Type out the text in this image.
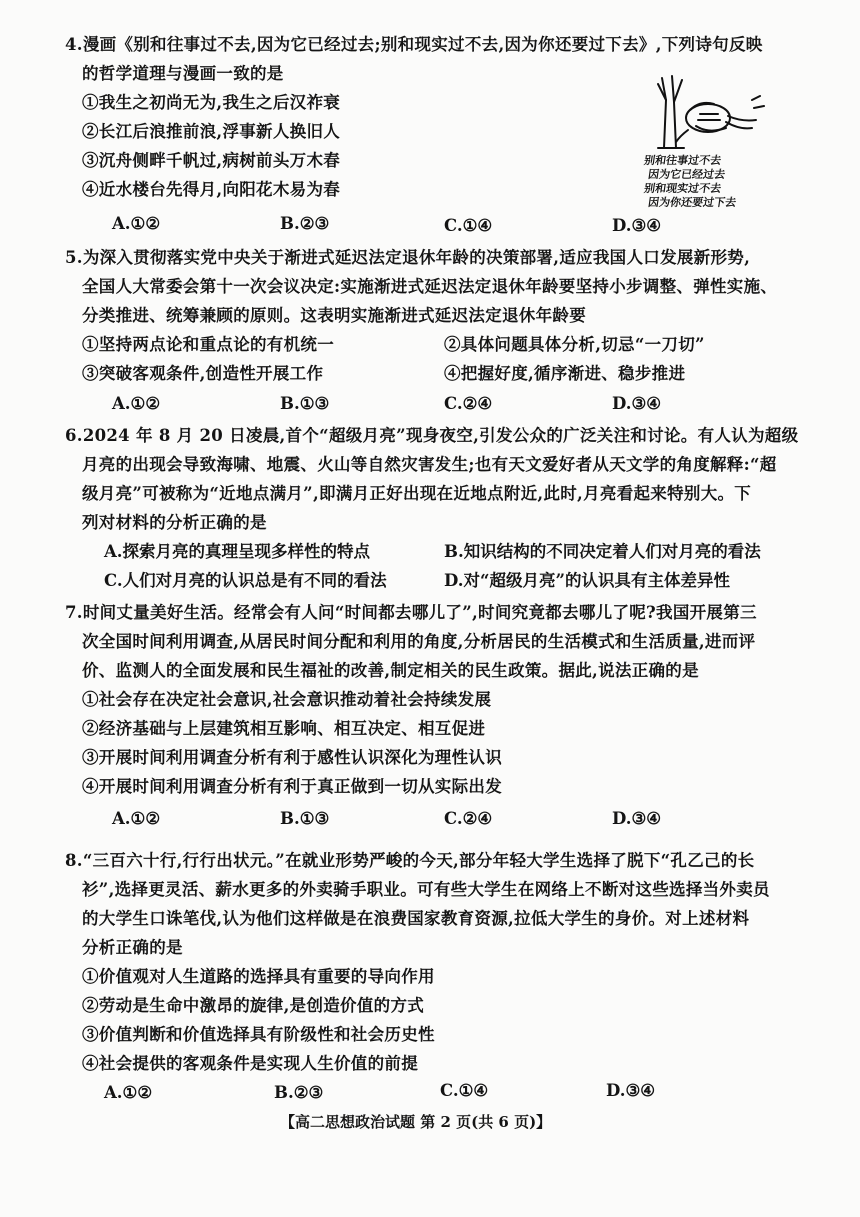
4.漫画《别和往事过不去,因为它已经过去;别和现实过不去,因为你还要过下去》,下列诗句反映
的哲学道理与漫画一致的是
①我生之初尚无为,我生之后汉祚衰
②长江后浪推前浪,浮事新人换旧人
③沉舟侧畔千帆过,病树前头万木春
④近水楼台先得月,向阳花木易为春
A.①②	B.②③	C.①④	D.③④
别和往事过不去
因为它已经过去
别和现实过不去
因为你还要过下去
5.为深入贯彻落实党中央关于渐进式延迟法定退休年龄的决策部署,适应我国人口发展新形势,
全国人大常委会第十一次会议决定:实施渐进式延迟法定退休年龄要坚持小步调整、弹性实施、
分类推进、统筹兼顾的原则。这表明实施渐进式延迟法定退休年龄要
①坚持两点论和重点论的有机统一	②具体问题具体分析,切忌“一刀切”
③突破客观条件,创造性开展工作	④把握好度,循序渐进、稳步推进
A.①②	B.①③	C.②④	D.③④
6.2024 年 8 月 20 日凌晨,首个“超级月亮”现身夜空,引发公众的广泛关注和讨论。有人认为超级
月亮的出现会导致海啸、地震、火山等自然灾害发生;也有天文爱好者从天文学的角度解释:“超
级月亮”可被称为“近地点满月”,即满月正好出现在近地点附近,此时,月亮看起来特别大。下
列对材料的分析正确的是
A.探索月亮的真理呈现多样性的特点	B.知识结构的不同决定着人们对月亮的看法
C.人们对月亮的认识总是有不同的看法	D.对“超级月亮”的认识具有主体差异性
7.时间丈量美好生活。经常会有人问“时间都去哪儿了”,时间究竟都去哪儿了呢?我国开展第三
次全国时间利用调查,从居民时间分配和利用的角度,分析居民的生活模式和生活质量,进而评
价、监测人的全面发展和民生福祉的改善,制定相关的民生政策。据此,说法正确的是
①社会存在决定社会意识,社会意识推动着社会持续发展
②经济基础与上层建筑相互影响、相互决定、相互促进
③开展时间利用调查分析有利于感性认识深化为理性认识
④开展时间利用调查分析有利于真正做到一切从实际出发
A.①②	B.①③	C.②④	D.③④
8.“三百六十行,行行出状元。”在就业形势严峻的今天,部分年轻大学生选择了脱下“孔乙己的长
衫”,选择更灵活、薪水更多的外卖骑手职业。可有些大学生在网络上不断对这些选择当外卖员
的大学生口诛笔伐,认为他们这样做是在浪费国家教育资源,拉低大学生的身价。对上述材料
分析正确的是
①价值观对人生道路的选择具有重要的导向作用
②劳动是生命中激昂的旋律,是创造价值的方式
③价值判断和价值选择具有阶级性和社会历史性
④社会提供的客观条件是实现人生价值的前提
A.①②	B.②③	C.①④	D.③④
【高二思想政治试题 第 2 页(共 6 页)】
